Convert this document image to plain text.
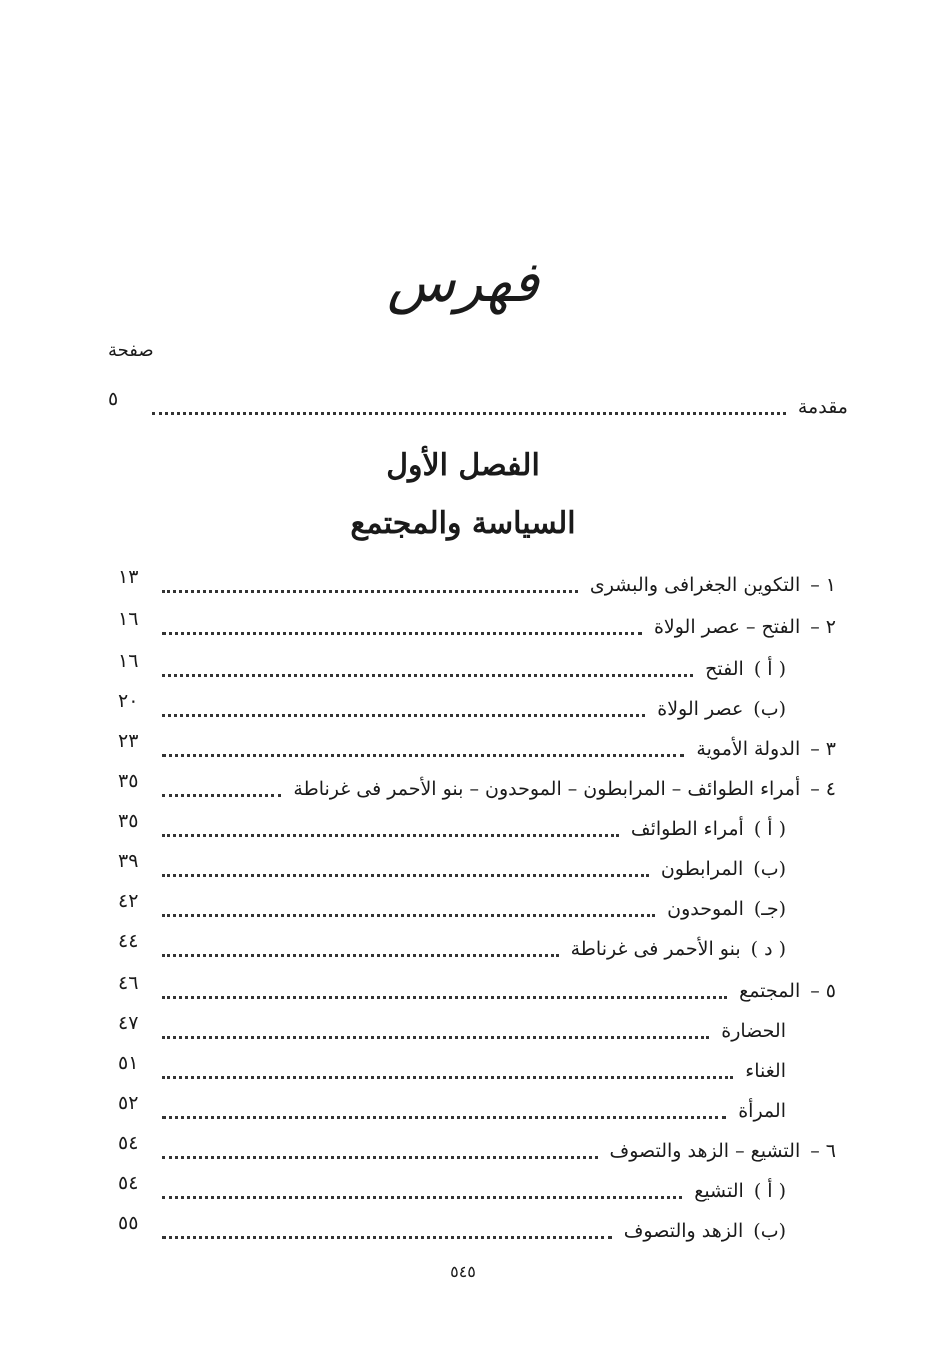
فهرس
صفحة
مقدمة
٥
الفصل الأول
السياسة والمجتمع
١ –
التكوين الجغرافى والبشرى
١٣
٢ –
الفتح – عصر الولاة
١٦
( أ )
الفتح
١٦
(ب)
عصر الولاة
٢٠
٣ –
الدولة الأموية
٢٣
٤ –
أمراء الطوائف – المرابطون – الموحدون – بنو الأحمر فى غرناطة
٣٥
( أ )
أمراء الطوائف
٣٥
(ب)
المرابطون
٣٩
(جـ)
الموحدون
٤٢
( د )
بنو الأحمر فى غرناطة
٤٤
٥ –
المجتمع
٤٦
الحضارة
٤٧
الغناء
٥١
المرأة
٥٢
٦ –
التشيع – الزهد والتصوف
٥٤
( أ )
التشيع
٥٤
(ب)
الزهد والتصوف
٥٥
٥٤٥
